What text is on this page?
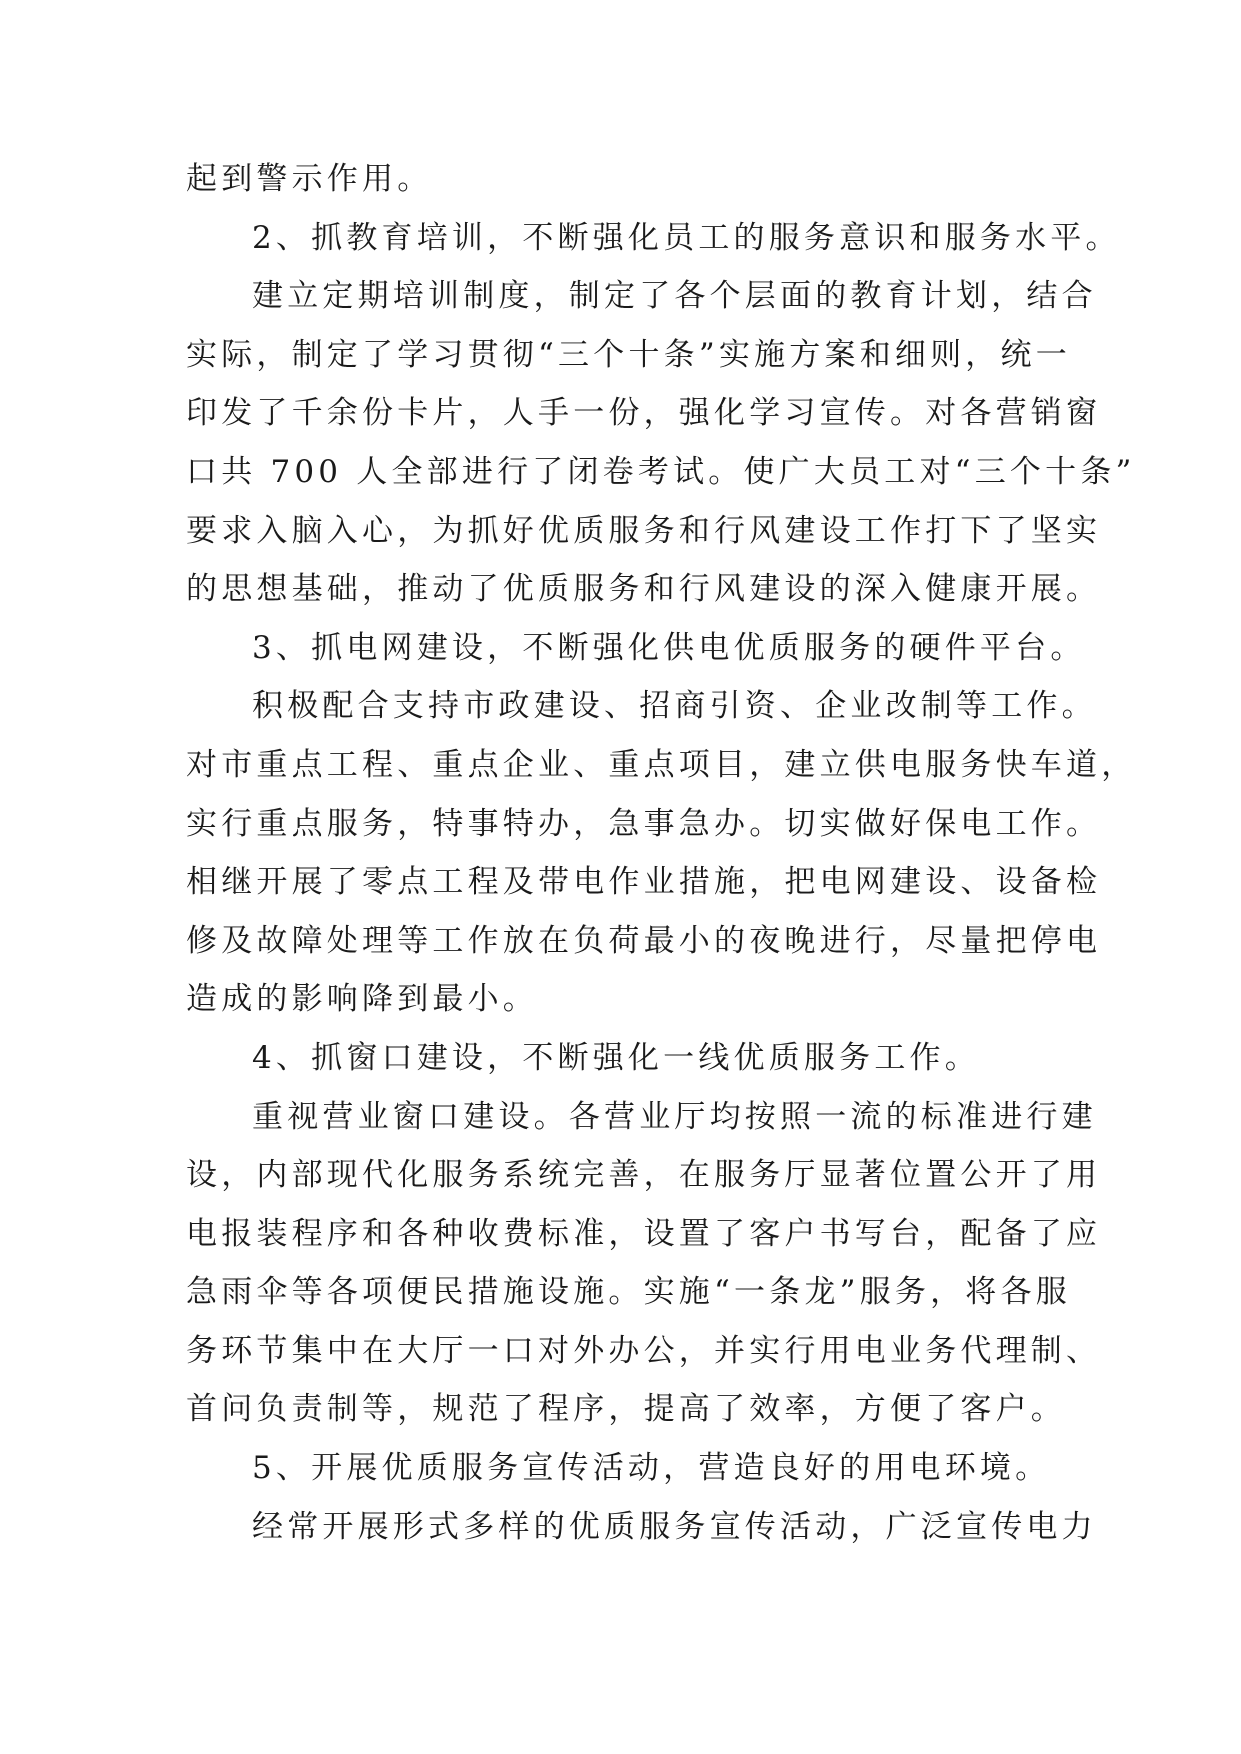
起到警示作用。
2、抓教育培训，不断强化员工的服务意识和服务水平。
建立定期培训制度，制定了各个层面的教育计划，结合
实际，制定了学习贯彻“三个十条”实施方案和细则，统一
印发了千余份卡片，人手一份，强化学习宣传。对各营销窗
口共 700 人全部进行了闭卷考试。使广大员工对“三个十条”
要求入脑入心，为抓好优质服务和行风建设工作打下了坚实
的思想基础，推动了优质服务和行风建设的深入健康开展。
3、抓电网建设，不断强化供电优质服务的硬件平台。
积极配合支持市政建设、招商引资、企业改制等工作。
对市重点工程、重点企业、重点项目，建立供电服务快车道，
实行重点服务，特事特办，急事急办。切实做好保电工作。
相继开展了零点工程及带电作业措施，把电网建设、设备检
修及故障处理等工作放在负荷最小的夜晚进行，尽量把停电
造成的影响降到最小。
4、抓窗口建设，不断强化一线优质服务工作。
重视营业窗口建设。各营业厅均按照一流的标准进行建
设，内部现代化服务系统完善，在服务厅显著位置公开了用
电报装程序和各种收费标准，设置了客户书写台，配备了应
急雨伞等各项便民措施设施。实施“一条龙”服务，将各服
务环节集中在大厅一口对外办公，并实行用电业务代理制、
首问负责制等，规范了程序，提高了效率，方便了客户。
5、开展优质服务宣传活动，营造良好的用电环境。
经常开展形式多样的优质服务宣传活动，广泛宣传电力
